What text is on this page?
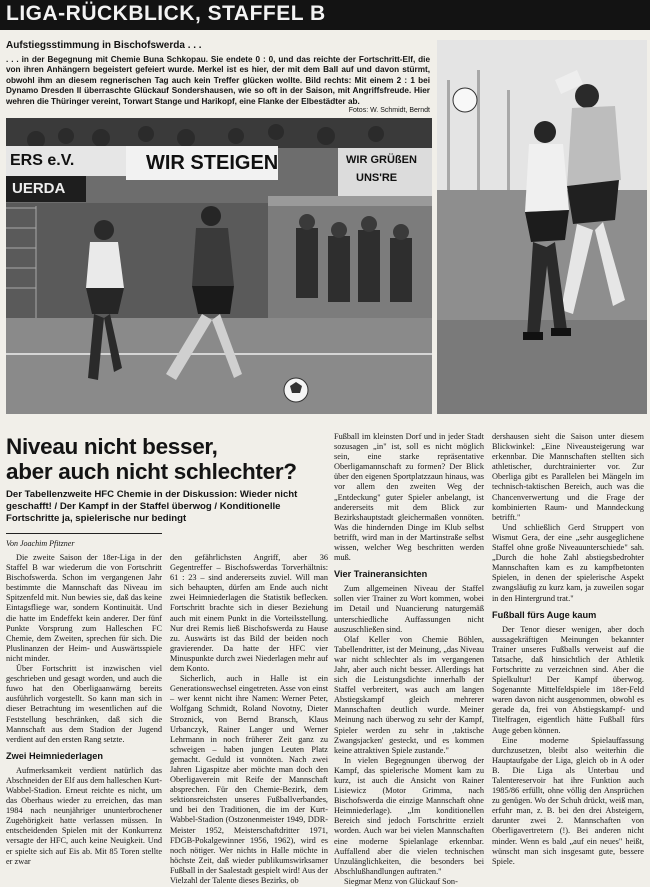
LIGA-RÜCKBLICK, STAFFEL B
Aufstiegsstimmung in Bischofswerda . . .
. . . in der Begegnung mit Chemie Buna Schkopau. Sie endete 0 : 0, und das reichte der Fortschritt-Elf, die von ihren Anhängern begeistert gefeiert wurde. Merkel ist es hier, der mit dem Ball auf und davon stürmt, obwohl ihm an diesem regnerischen Tag auch kein Treffer glücken wollte. Bild rechts: Mit einem 2 : 1 bei Dynamo Dresden II überraschte Glückauf Sondershausen, wie so oft in der Saison, mit Angriffsfreude. Hier wehren die Thüringer vereint, Torwart Stange und Harikopf, eine Flanke der Elbestädter ab.
Fotos: W. Schmidt, Berndt
WIR STEIGEN
ERS e.V.
UERDA
WIR GRÜßEN
UNS'RE
Niveau nicht besser,
aber auch nicht schlechter?
Der Tabellenzweite HFC Chemie in der Diskussion: Wieder nicht geschafft! / Der Kampf in der Staffel überwog / Konditionelle Fortschritte ja, spielerische nur bedingt
Von Joachim Pfitzner

Die zweite Saison der 18er-Liga in der Staffel B war wiederum die von Fortschritt Bischofswerda. Schon im vergangenen Jahr bestimmte die Mannschaft das Niveau im Spitzenfeld mit. Nun bewies sie, daß das keine Eintagsfliege war, sondern Kontinuität. Und die hatte im Endeffekt kein anderer. Der fünf Punkte Vorsprung zum Halleschen FC Chemie, dem Zweiten, sprechen für sich. Die Pluslinanzen der Heim- und Auswärtsspiele nicht minder.

Über Fortschritt ist inzwischen viel geschrieben und gesagt worden, und auch die fuwo hat den Oberligaanwärng bereits ausführlich vorgestellt. So kann man sich in dieser Betrachtung im wesentlichen auf die Feststellung beschränken, daß sich die Mannschaft aus dem Stadion der Jugend verdient auf den ersten Rang setzte.

Zwei Heimniederlagen

Aufmerksamkeit verdient natürlich das Abschneiden der Elf aus dem halleschen Kurt-Wabbel-Stadion. Erneut reichte es nicht, um das Oberhaus wieder zu erreichen, das man 1984 nach neunjähriger ununterbrochener Zugehörigkeit hatte verlassen müssen. In entscheidenden Spielen mit der Konkurrenz versagte der HFC, auch keine Neuigkeit. Und er spielte sich auf Eis ab. Mit 85 Toren stellte er zwar

den gefährlichsten Angriff, aber 36 Gegentreffer – Bischofswerdas Torverhältnis: 61 : 23 – sind andererseits zuviel. Will man sich behaupten, dürfen am Ende auch nicht zwei Heimniederlagen die Statistik beflecken. Fortschritt brachte sich in dieser Beziehung auch mit einem Punkt in die Vorteilsstellung. Nur drei Remis ließ Bischofswerda zu Hause zu. Auswärts ist das Bild der beiden noch gravierender. Da hatte der HFC vier Minuspunkte durch zwei Niederlagen mehr auf dem Konto.

Sicherlich, auch in Halle ist ein Generationswechsel eingetreten. Asse von einst – wer kennt nicht ihre Namen: Werner Peter, Wolfgang Schmidt, Roland Novotny, Dieter Stroznick, von Bernd Bransch, Klaus Urbanczyk, Rainer Langer und Werner Lehrmann in noch früherer Zeit ganz zu schweigen – haben jungen Leuten Platz gemacht. Geduld ist vonnöten. Nach zwei Jahren Ligaspitze aber möchte man doch den Oberligaverein mit Reife der Mannschaft absprechen. Für den Chemie-Bezirk, dem sektionsreichsten unseres Fußballverbandes, und bei den Traditionen, die im der Kurt-Wabbel-Stadion (Ostzonenmeister 1949, DDR-Meister 1952, Meisterschaftdritter 1971, FDGB-Pokalgewinner 1956, 1962), wird es noch nötiger. Wer nichts in Halle möchte in höchste Zeit, daß wieder publikumswirksamer Fußball in der Saalestadt gespielt wird! Aus der Vielzahl der Talente dieses Bezirks, ob

Fußball im kleinsten Dorf und in jeder Stadt sozusagen „in" ist, soll es nicht möglich sein, eine starke repräsentative Oberligamannschaft zu formen? Der Blick über den eigenen Sportplatzzaun hinaus, was vor allem den zweiten Weg der „Entdeckung" guter Spieler anbelangt, ist andererseits mit dem Blick zur Bezirkshauptstadt gleichermaßen vonnöten. Was die hindernden Dinge im Klub selbst betrifft, wird man in der Martinstraße selbst wissen, welcher Weg beschritten werden muß.

Vier Traineransichten

Zum allgemeinen Niveau der Staffel sollen vier Trainer zu Wort kommen, wobei im Detail und Nuancierung naturgemäß unterschiedliche Auffassungen nicht auszuschließen sind.

Olaf Keller von Chemie Böhlen, Tabellendritter, ist der Meinung, „das Niveau war nicht schlechter als im vergangenen Jahr, aber auch nicht besser. Allerdings hat sich die Leistungsdichte innerhalb der Staffel verbreitert, was auch am langen Abstiegskampf gleich mehrerer Mannschaften deutlich wurde. Meiner Meinung nach überwog zu sehr der Kampf, Spieler werden zu sehr in ‚taktische Zwangsjacken' gesteckt, und es kommen keine attraktiven Spiele zustande."

In vielen Begegnungen überwog der Kampf, das spielerische Moment kam zu kurz, ist auch die Ansicht von Rainer Lisiewicz (Motor Grimma, nach Bischofswerda die einzige Mannschaft ohne Heimniederlage). „Im konditionellen Bereich sind jedoch Fortschritte erzielt worden. Auch war bei vielen Mannschaften eine moderne Spielanlage erkennbar. Auffallend aber die vielen technischen Unzulänglichkeiten, die besonders bei Abschlußhandlungen auftraten."

Siegmar Menz von Glückauf Son-

dershausen sieht die Saison unter diesem Blickwinkel: „Eine Niveausteigerung war erkennbar. Die Mannschaften stellten sich athletischer, durchtrainierter vor. Zur Oberliga gibt es Parallelen bei Mängeln im technisch-taktischen Bereich, auch was die Chancenverwertung und die Frage der kombinierten Raum- und Manndeckung betrifft."

Und schließlich Gerd Struppert von Wismut Gera, der eine „sehr ausgeglichene Staffel ohne große Niveauunterschiede" sah. „Durch die hohe Zahl abstiegsbedrohter Mannschaften kam es zu kampfbetonten Spielen, in denen der spielerische Aspekt zwangsläufig zu kurz kam, ja zuweilen sogar in den Hintergrund trat."

Fußball fürs Auge kaum

Der Tenor dieser wenigen, aber doch aussagekräftigen Meinungen bekannter Trainer unseres Fußballs verweist auf die Tatsache, daß hinsichtlich der Athletik Fortschritte zu verzeichnen sind. Aber die Spielkultur! Der Kampf überwog. Sogenannte Mittelfeldspiele im 18er-Feld waren davon nicht ausgenommen, obwohl es gerade da, frei von Abstiegskampf- und Titelfragen, eigentlich hätte Fußball fürs Auge geben können.

Eine moderne Spielauffassung durchzusetzen, bleibt also weiterhin die Hauptaufgabe der Liga, gleich ob in A oder B. Die Liga als Unterbau und Talentereservoir hat ihre Funktion auch 1985/86 erfüllt, ohne völlig den Ansprüchen zu genügen. Wo der Schuh drückt, weiß man, erfuhr man, z. B. bei den drei Absteigern, darunter zwei 2. Mannschaften von Oberligavertretern (!). Bei anderen nicht minder. Wenn es bald „auf ein neues" heißt, wünscht man sich insgesamt gute, bessere Spiele.
